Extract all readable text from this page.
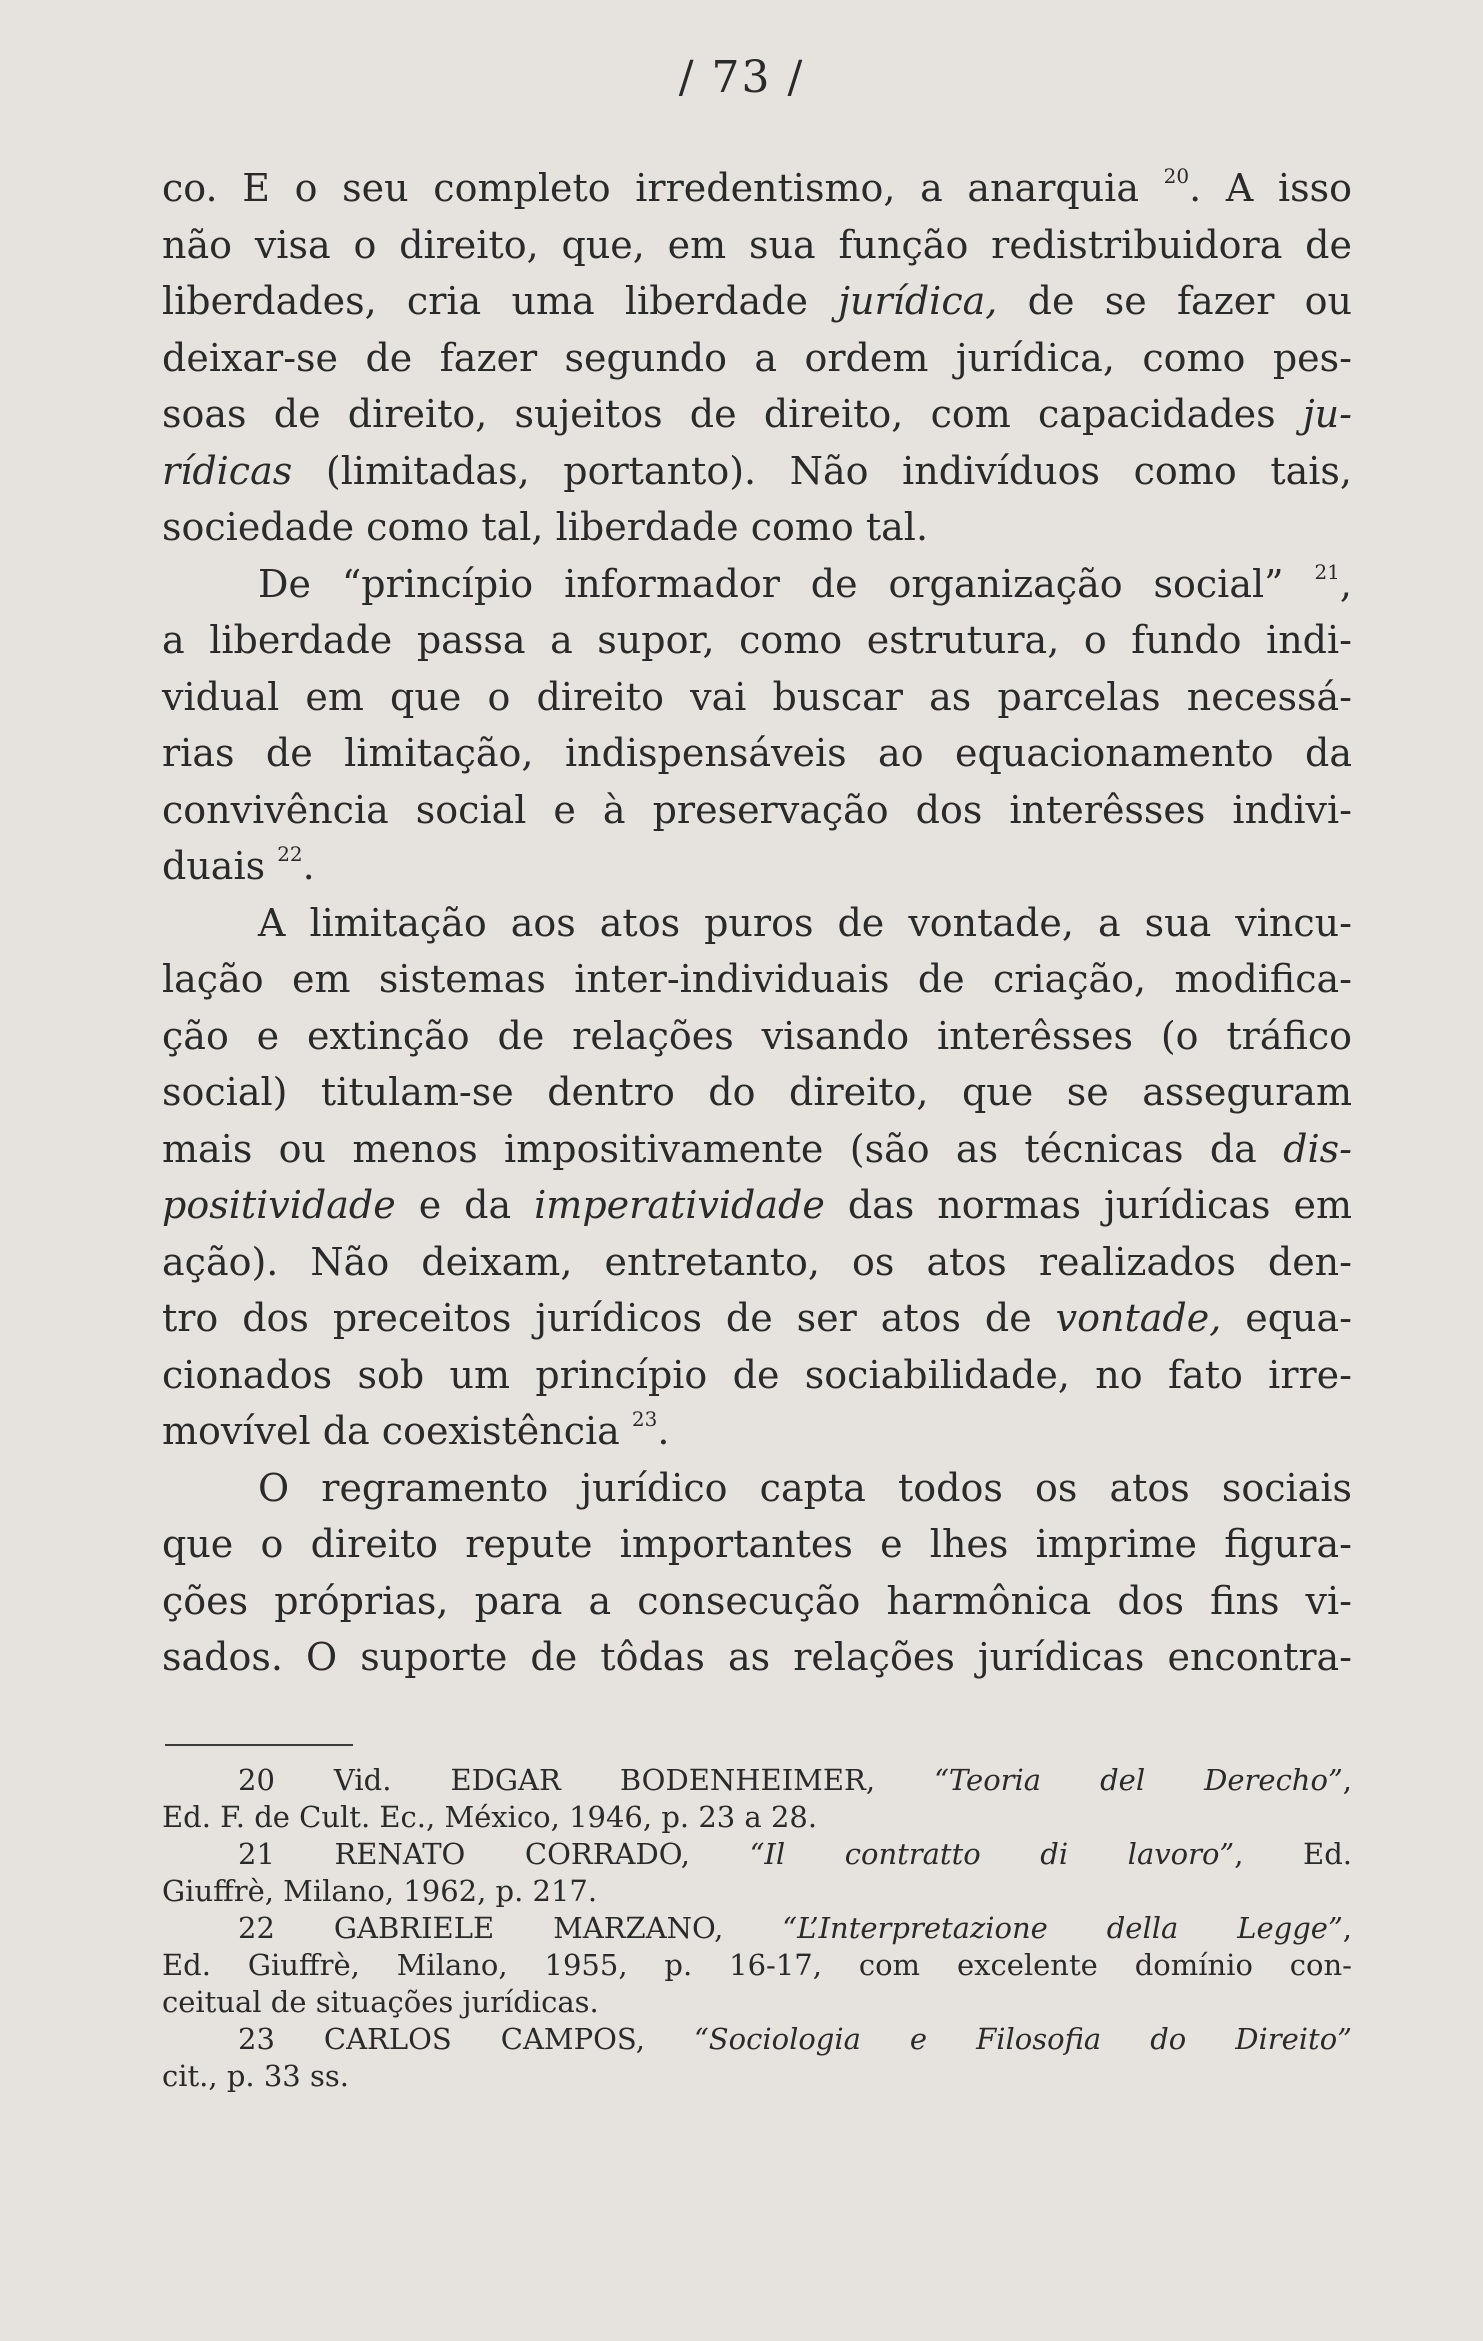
/ 73 /
co. E o seu completo irredentismo, a anarquia $^{20}$. A isso
não visa o direito, que, em sua função redistribuidora de
liberdades, cria uma liberdade jurídica, de se fazer ou
deixar-se de fazer segundo a ordem jurídica, como pes-
soas de direito, sujeitos de direito, com capacidades ju-
rídicas (limitadas, portanto). Não indivíduos como tais,
sociedade como tal, liberdade como tal.
De “princípio informador de organização social” $^{21}$,
a liberdade passa a supor, como estrutura, o fundo indi-
vidual em que o direito vai buscar as parcelas necessá-
rias de limitação, indispensáveis ao equacionamento da
convivência social e à preservação dos interêsses indivi-
duais $^{22}$.
A limitação aos atos puros de vontade, a sua vincu-
lação em sistemas inter-individuais de criação, modifica-
ção e extinção de relações visando interêsses (o tráfico
social) titulam-se dentro do direito, que se asseguram
mais ou menos impositivamente (são as técnicas da dis-
positividade e da imperatividade das normas jurídicas em
ação). Não deixam, entretanto, os atos realizados den-
tro dos preceitos jurídicos de ser atos de vontade, equa-
cionados sob um princípio de sociabilidade, no fato irre-
movível da coexistência $^{23}$.
O regramento jurídico capta todos os atos sociais
que o direito repute importantes e lhes imprime figura-
ções próprias, para a consecução harmônica dos fins vi-
sados. O suporte de tôdas as relações jurídicas encontra-
20 Vid. EDGAR BODENHEIMER, “Teoria del Derecho”,
Ed. F. de Cult. Ec., México, 1946, p. 23 a 28.
21 RENATO CORRADO, “Il contratto di lavoro”, Ed.
Giuffrè, Milano, 1962, p. 217.
22 GABRIELE MARZANO, “L’Interpretazione della Legge”,
Ed. Giuffrè, Milano, 1955, p. 16-17, com excelente domínio con-
ceitual de situações jurídicas.
23 CARLOS CAMPOS, “Sociologia e Filosofia do Direito”
cit., p. 33 ss.
